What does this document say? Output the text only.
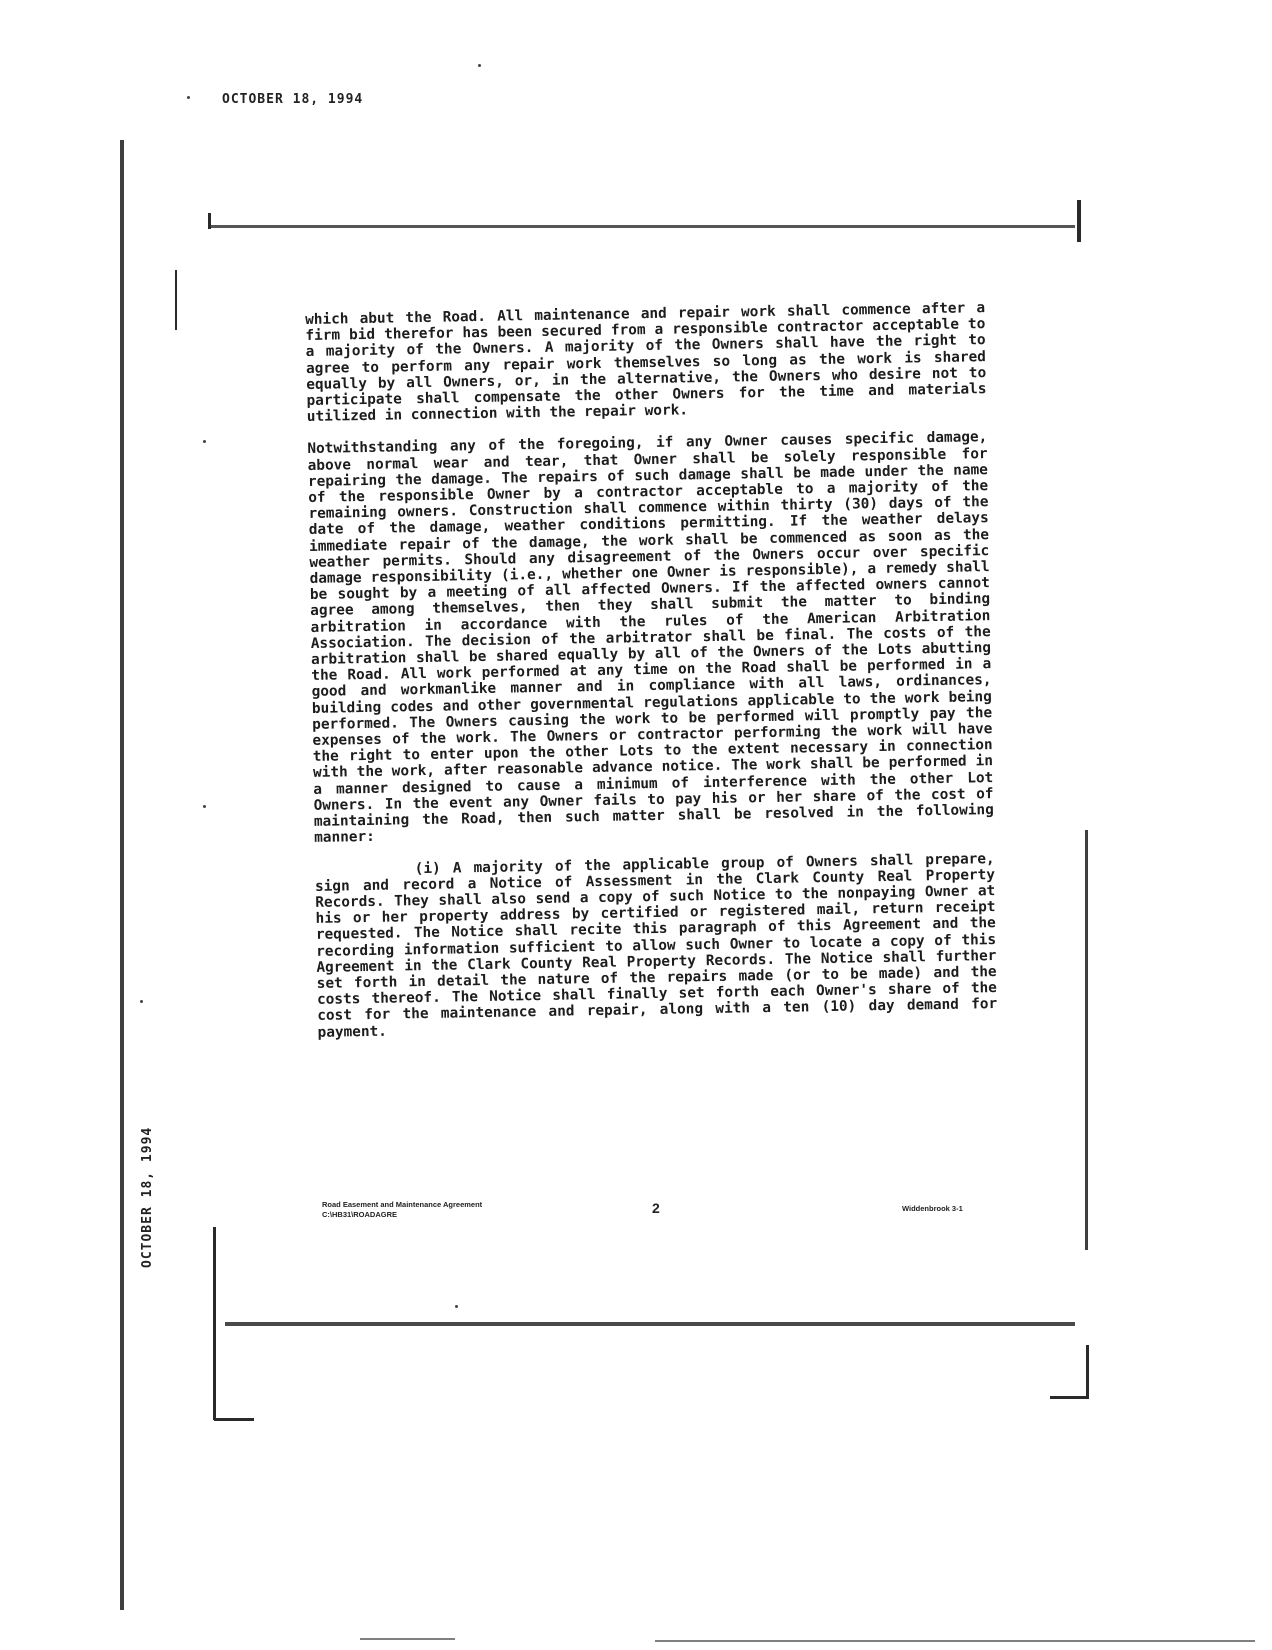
OCTOBER 18, 1994
OCTOBER 18, 1994

which abut the Road. All maintenance and repair work shall commence after a firm bid therefor has been secured from a responsible contractor acceptable to a majority of the Owners. A majority of the Owners shall have the right to agree to perform any repair work themselves so long as the work is shared equally by all Owners, or, in the alternative, the Owners who desire not to participate shall compensate the other Owners for the time and materials utilized in connection with the repair work.

Notwithstanding any of the foregoing, if any Owner causes specific damage, above normal wear and tear, that Owner shall be solely responsible for repairing the damage. The repairs of such damage shall be made under the name of the responsible Owner by a contractor acceptable to a majority of the remaining owners. Construction shall commence within thirty (30) days of the date of the damage, weather conditions permitting. If the weather delays immediate repair of the damage, the work shall be commenced as soon as the weather permits. Should any disagreement of the Owners occur over specific damage responsibility (i.e., whether one Owner is responsible), a remedy shall be sought by a meeting of all affected Owners. If the affected owners cannot agree among themselves, then they shall submit the matter to binding arbitration in accordance with the rules of the American Arbitration Association. The decision of the arbitrator shall be final. The costs of the arbitration shall be shared equally by all of the Owners of the Lots abutting the Road. All work performed at any time on the Road shall be performed in a good and workmanlike manner and in compliance with all laws, ordinances, building codes and other governmental regulations applicable to the work being performed. The Owners causing the work to be performed will promptly pay the expenses of the work. The Owners or contractor performing the work will have the right to enter upon the other Lots to the extent necessary in connection with the work, after reasonable advance notice. The work shall be performed in a manner designed to cause a minimum of interference with the other Lot Owners. In the event any Owner fails to pay his or her share of the cost of maintaining the Road, then such matter shall be resolved in the following manner:

(i) A majority of the applicable group of Owners shall prepare, sign and record a Notice of Assessment in the Clark County Real Property Records. They shall also send a copy of such Notice to the nonpaying Owner at his or her property address by certified or registered mail, return receipt requested. The Notice shall recite this paragraph of this Agreement and the recording information sufficient to allow such Owner to locate a copy of this Agreement in the Clark County Real Property Records. The Notice shall further set forth in detail the nature of the repairs made (or to be made) and the costs thereof. The Notice shall finally set forth each Owner's share of the cost for the maintenance and repair, along with a ten (10) day demand for payment.

Road Easement and Maintenance Agreement
C:\HB31\ROADAGRE	2	Widdenbrook 3-1
